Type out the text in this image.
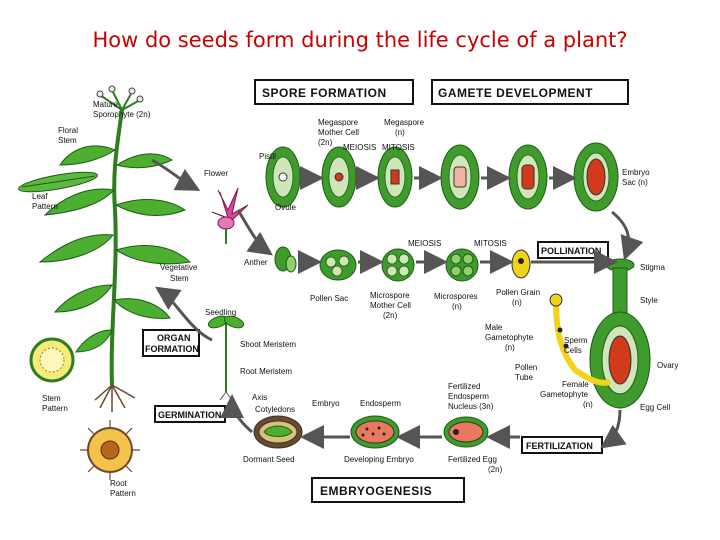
How do seeds form during the life cycle of a plant?
SPORE FORMATION	GAMETE DEVELOPMENT
POLLINATION
ORGAN
FORMATION
GERMINATION
FERTILIZATION
EMBRYOGENESIS
Mature
Sporophyte (2n)
Floral
Stem
Leaf
Pattern
Vegetative
Stem
Stem
Pattern
Root
Pattern
Flower
Anther
Pistil
Ovule
Megaspore
Mother Cell
(2n)
Megaspore
(n)
MEIOSIS MITOSIS
Embryo
Sac (n)
Pollen Sac	Microspore
Mother Cell
(2n)
Microspores
(n)
Pollen Grain
(n)
MEIOSIS	MITOSIS
Stigma
Style
Ovary
Egg Cell
Male
Gametophyte
(n)
Sperm
Cells
Pollen
Tube
Female
Gametophyte
(n)
Seedling
Shoot Meristem
Root Meristem
Axis
Cotyledons
Embryo	Endosperm
Fertilized
Endosperm
Nucleus (3n)
Dormant Seed	Developing Embryo	Fertilized Egg
(2n)
